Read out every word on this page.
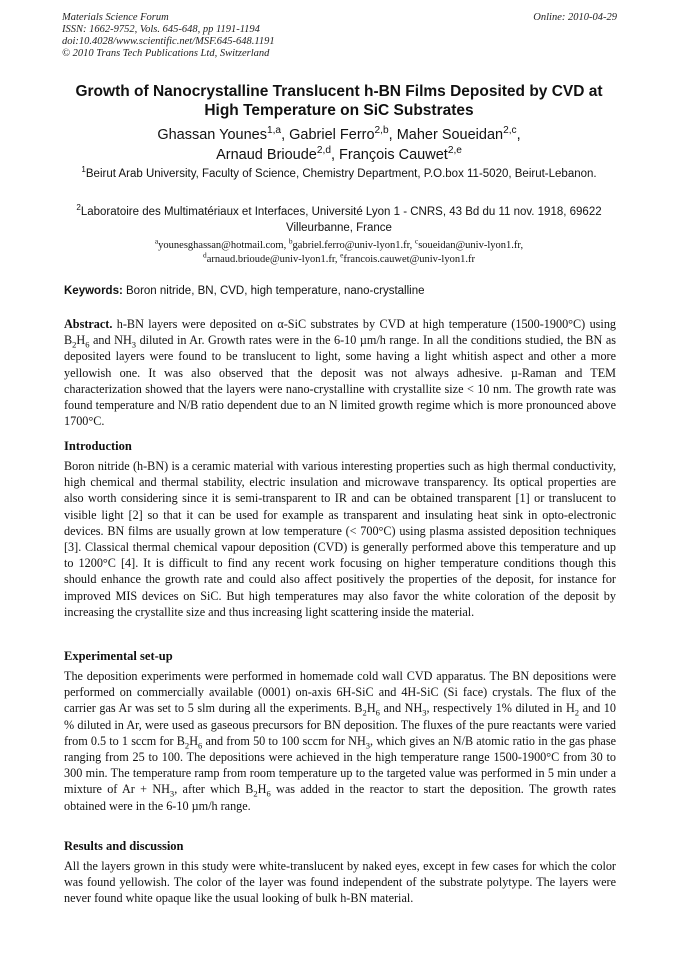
Materials Science Forum
ISSN: 1662-9752, Vols. 645-648, pp 1191-1194
doi:10.4028/www.scientific.net/MSF.645-648.1191
© 2010 Trans Tech Publications Ltd, Switzerland
Online: 2010-04-29
Growth of Nanocrystalline Translucent h-BN Films Deposited by CVD at
High Temperature on SiC Substrates
Ghassan Younes$^{1,a}$, Gabriel Ferro$^{2,b}$, Maher Soueidan$^{2,c}$,
Arnaud Brioude$^{2,d}$, François Cauwet$^{2,e}$
$^1$Beirut Arab University, Faculty of Science, Chemistry Department, P.O.box 11-5020, Beirut-Lebanon.
$^2$Laboratoire des Multimatériaux et Interfaces, Université Lyon 1 - CNRS, 43 Bd du 11 nov. 1918, 69622 Villeurbanne, France
$^a$younesghassan@hotmail.com, $^b$gabriel.ferro@univ-lyon1.fr, $^c$soueidan@univ-lyon1.fr,
$^d$arnaud.brioude@univ-lyon1.fr, $^e$francois.cauwet@univ-lyon1.fr
Keywords: Boron nitride, BN, CVD, high temperature, nano-crystalline
Abstract. h-BN layers were deposited on α-SiC substrates by CVD at high temperature (1500-1900°C) using $B_2H_6$ and $NH_3$ diluted in Ar. Growth rates were in the 6-10 µm/h range. In all the conditions studied, the BN as deposited layers were found to be translucent to light, some having a light whitish aspect and other a more yellowish one. It was also observed that the deposit was not always adhesive. µ-Raman and TEM characterization showed that the layers were nano-crystalline with crystallite size < 10 nm. The growth rate was found temperature and N/B ratio dependent due to an N limited growth regime which is more pronounced above 1700°C.
Introduction
Boron nitride (h-BN) is a ceramic material with various interesting properties such as high thermal conductivity, high chemical and thermal stability, electric insulation and microwave transparency. Its optical properties are also worth considering since it is semi-transparent to IR and can be obtained transparent [1] or translucent to visible light [2] so that it can be used for example as transparent and insulating heat sink in opto-electronic devices. BN films are usually grown at low temperature (< 700°C) using plasma assisted deposition techniques [3]. Classical thermal chemical vapour deposition (CVD) is generally performed above this temperature and up to 1200°C [4]. It is difficult to find any recent work focusing on higher temperature conditions though this should enhance the growth rate and could also affect positively the properties of the deposit, for instance for improved MIS devices on SiC. But high temperatures may also favor the white coloration of the deposit by increasing the crystallite size and thus increasing light scattering inside the material.
Experimental set-up
The deposition experiments were performed in homemade cold wall CVD apparatus. The BN depositions were performed on commercially available (0001) on-axis 6H-SiC and 4H-SiC (Si face) crystals. The flux of the carrier gas Ar was set to 5 slm during all the experiments. $B_2H_6$ and $NH_3$, respectively 1% diluted in $H_2$ and 10 % diluted in Ar, were used as gaseous precursors for BN deposition. The fluxes of the pure reactants were varied from 0.5 to 1 sccm for $B_2H_6$ and from 50 to 100 sccm for $NH_3$, which gives an N/B atomic ratio in the gas phase ranging from 25 to 100. The depositions were achieved in the high temperature range 1500-1900°C from 30 to 300 min. The temperature ramp from room temperature up to the targeted value was performed in 5 min under a mixture of $Ar + NH_3$, after which $B_2H_6$ was added in the reactor to start the deposition. The growth rates obtained were in the 6-10 µm/h range.
Results and discussion
All the layers grown in this study were white-translucent by naked eyes, except in few cases for which the color was found yellowish. The color of the layer was found independent of the substrate polytype. The layers were never found white opaque like the usual looking of bulk h-BN material.
